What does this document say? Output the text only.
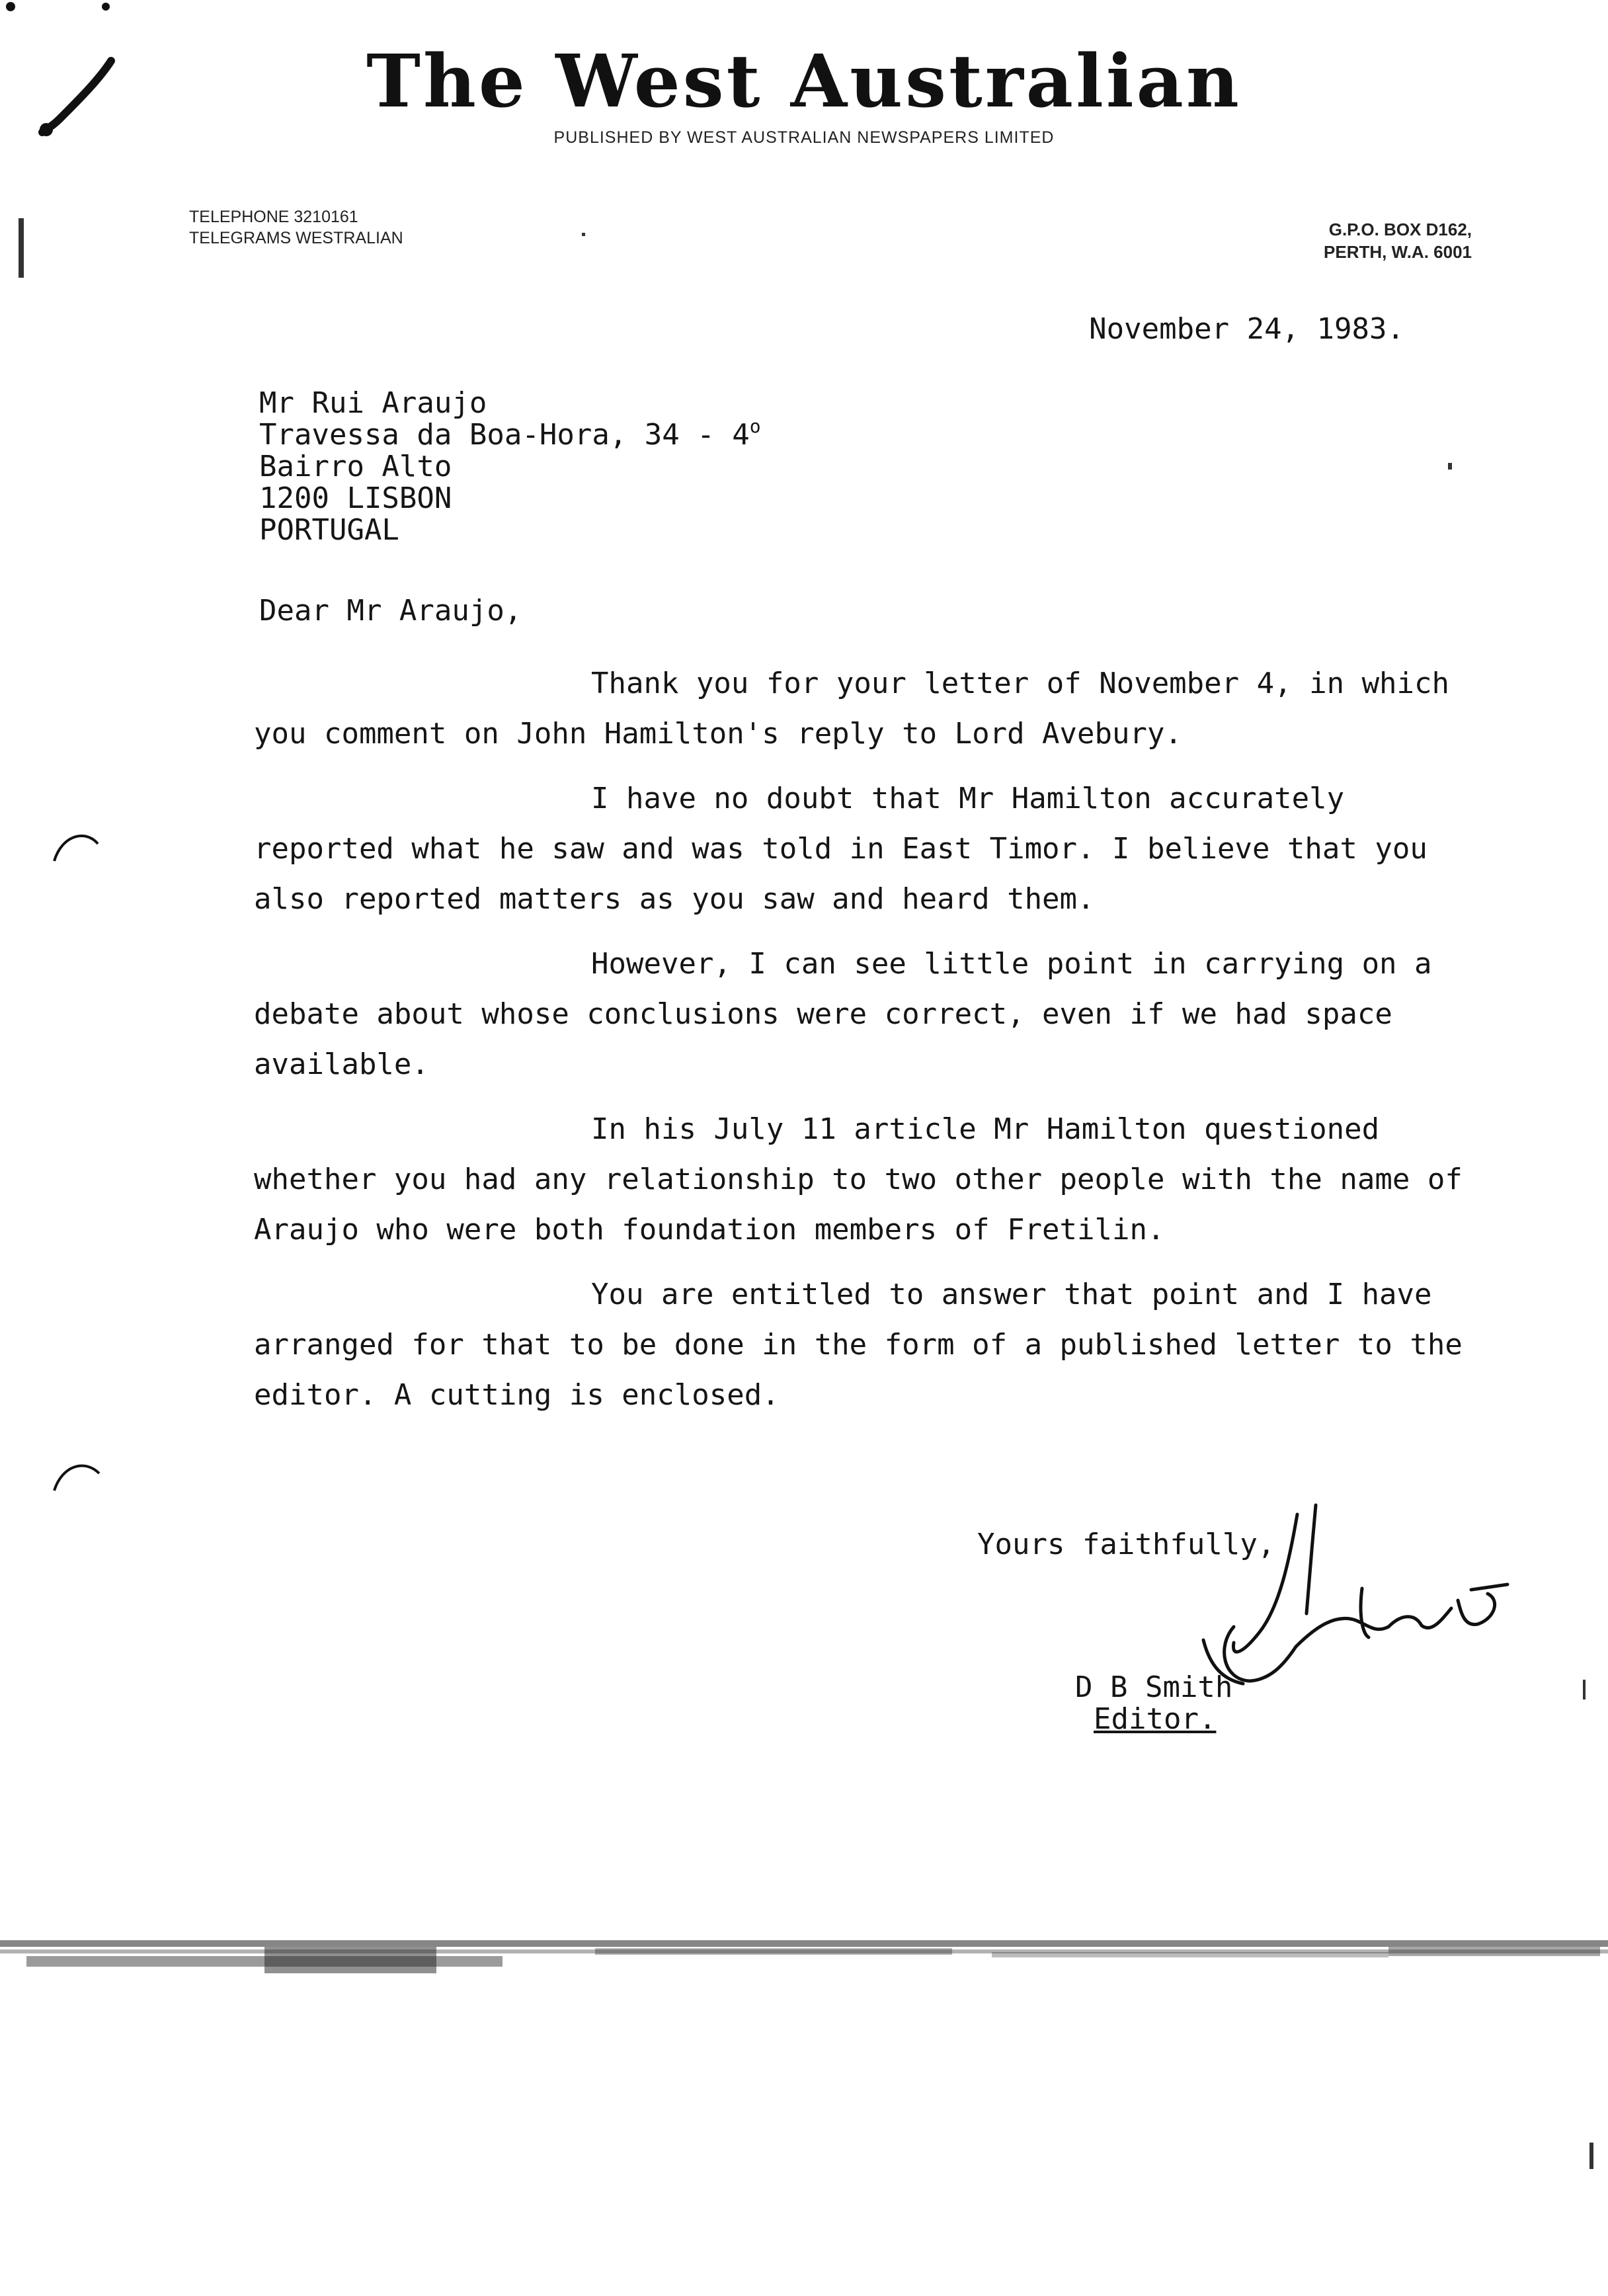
The West Australian
PUBLISHED BY WEST AUSTRALIAN NEWSPAPERS LIMITED
TELEPHONE 3210161
TELEGRAMS WESTRALIAN	G.P.O. BOX D162,
PERTH, W.A. 6001
November 24, 1983.
Mr Rui Araujo
Travessa da Boa-Hora, 34 - 4$^o$
Bairro Alto
1200 LISBON
PORTUGAL
Dear Mr Araujo,

Thank you for your letter of November 4, in which you comment on John Hamilton's reply to Lord Avebury.

I have no doubt that Mr Hamilton accurately reported what he saw and was told in East Timor. I believe that you also reported matters as you saw and heard them.

However, I can see little point in carrying on a debate about whose conclusions were correct, even if we had space available.

In his July 11 article Mr Hamilton questioned whether you had any relationship to two other people with the name of Araujo who were both foundation members of Fretilin.

You are entitled to answer that point and I have arranged for that to be done in the form of a published letter to the editor. A cutting is enclosed.

Yours faithfully,
D B Smith
Editor.
